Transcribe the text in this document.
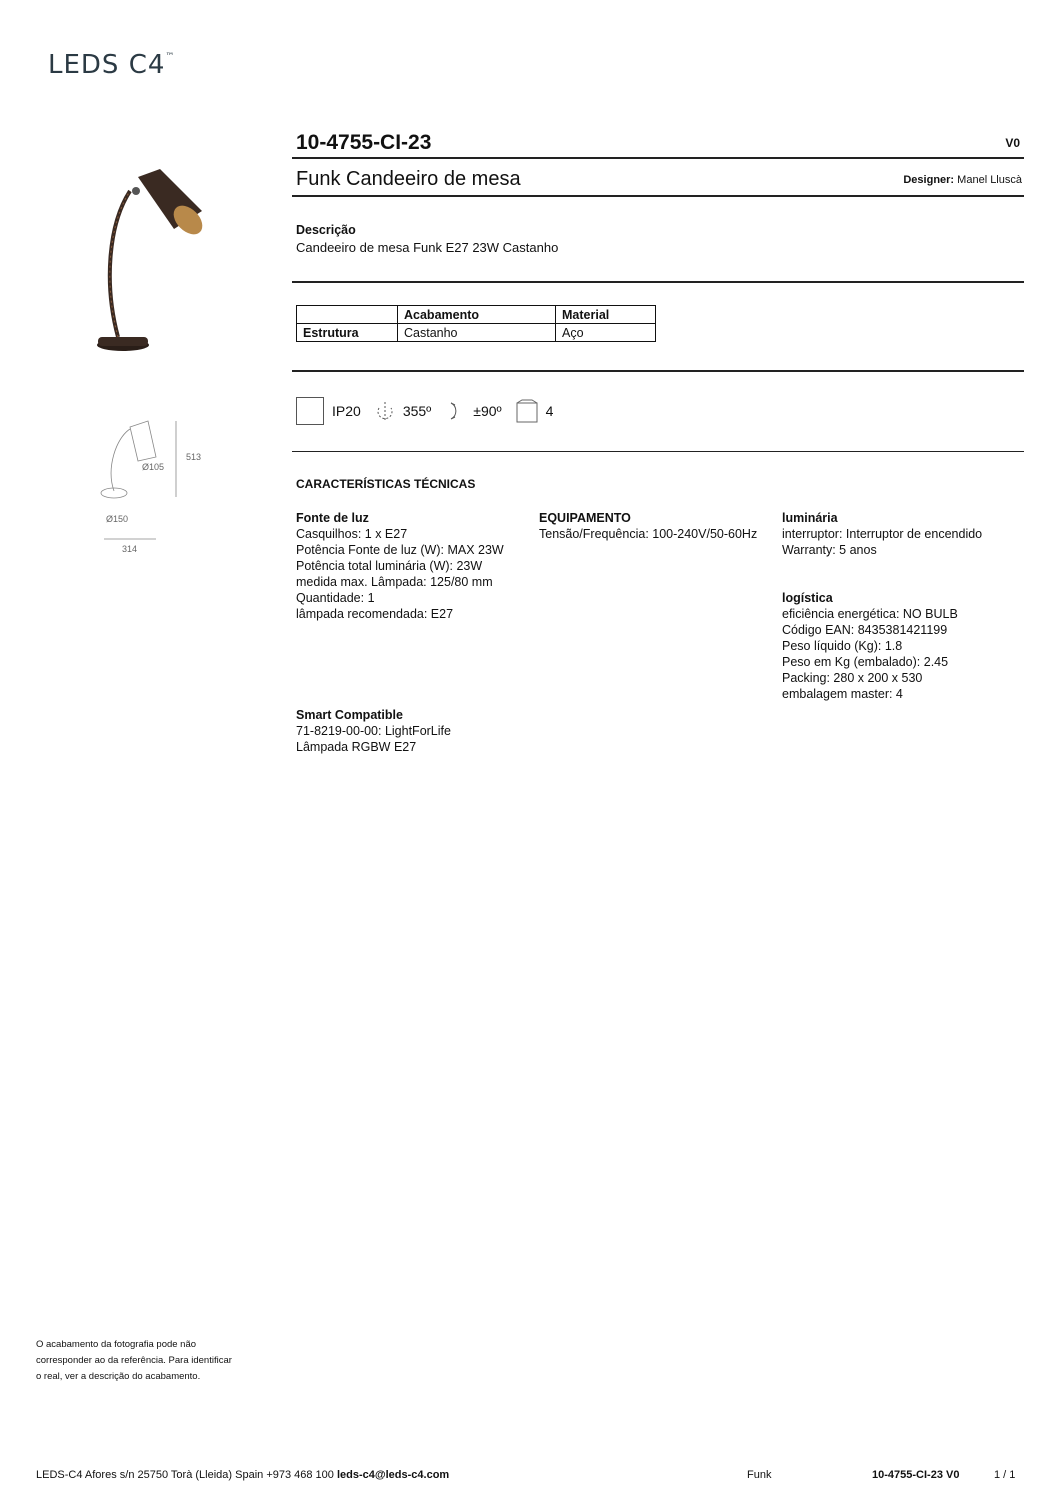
LEDS C4™
513
Ø105
Ø150
314
10-4755-CI-23	V0
Funk Candeeiro de mesa	Designer: Manel Lluscà
Descrição
Candeeiro de mesa Funk E27 23W Castanho
	Acabamento	Material
Estrutura	Castanho	Aço
IP20	355º	±90º	4
CARACTERÍSTICAS TÉCNICAS
Fonte de luz
Casquilhos: 1 x E27
Potência Fonte de luz (W): MAX 23W
Potência total luminária (W): 23W
medida max. Lâmpada: 125/80 mm
Quantidade: 1
lâmpada recomendada: E27
EQUIPAMENTO
Tensão/Frequência: 100-240V/50-60Hz
luminária
interruptor: Interruptor de encendido
Warranty: 5 anos
logística
eficiência energética: NO BULB
Código EAN: 8435381421199
Peso líquido (Kg): 1.8
Peso em Kg (embalado): 2.45
Packing: 280 x 200 x 530
embalagem master: 4
Smart Compatible
71-8219-00-00: LightForLife
Lâmpada RGBW E27
O acabamento da fotografia pode não corresponder ao da referência. Para identificar o real, ver a descrição do acabamento.
LEDS-C4 Afores s/n 25750 Torà (Lleida) Spain +973 468 100 leds-c4@leds-c4.com	Funk	10-4755-CI-23 V0	1 / 1
